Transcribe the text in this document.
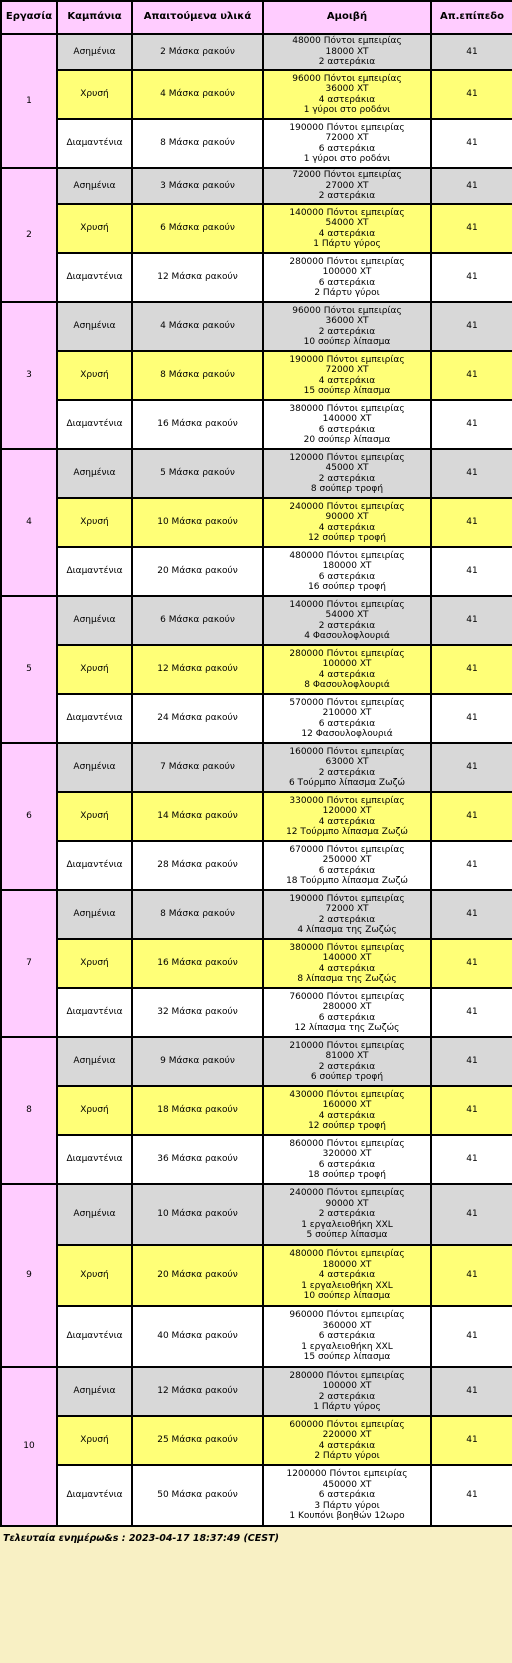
Εργασία	Καμπάνια	Απαιτούμενα υλικά	Αμοιβή	Απ.επίπεδο
1	Ασημένια	2 Μάσκα ρακούν	48000 Πόντοι εμπειρίας
18000 XT
2 αστεράκια	41
	Χρυσή	4 Μάσκα ρακούν	96000 Πόντοι εμπειρίας
36000 XT
4 αστεράκια
1 γύροι στο ροδάνι	41
	Διαμαντένια	8 Μάσκα ρακούν	190000 Πόντοι εμπειρίας
72000 XT
6 αστεράκια
1 γύροι στο ροδάνι	41
2	Ασημένια	3 Μάσκα ρακούν	72000 Πόντοι εμπειρίας
27000 XT
2 αστεράκια	41
	Χρυσή	6 Μάσκα ρακούν	140000 Πόντοι εμπειρίας
54000 XT
4 αστεράκια
1 Πάρτυ γύρος	41
	Διαμαντένια	12 Μάσκα ρακούν	280000 Πόντοι εμπειρίας
100000 XT
6 αστεράκια
2 Πάρτυ γύροι	41
3	Ασημένια	4 Μάσκα ρακούν	96000 Πόντοι εμπειρίας
36000 XT
2 αστεράκια
10 σούπερ λίπασμα	41
	Χρυσή	8 Μάσκα ρακούν	190000 Πόντοι εμπειρίας
72000 XT
4 αστεράκια
15 σούπερ λίπασμα	41
	Διαμαντένια	16 Μάσκα ρακούν	380000 Πόντοι εμπειρίας
140000 XT
6 αστεράκια
20 σούπερ λίπασμα	41
4	Ασημένια	5 Μάσκα ρακούν	120000 Πόντοι εμπειρίας
45000 XT
2 αστεράκια
8 σούπερ τροφή	41
	Χρυσή	10 Μάσκα ρακούν	240000 Πόντοι εμπειρίας
90000 XT
4 αστεράκια
12 σούπερ τροφή	41
	Διαμαντένια	20 Μάσκα ρακούν	480000 Πόντοι εμπειρίας
180000 XT
6 αστεράκια
16 σούπερ τροφή	41
5	Ασημένια	6 Μάσκα ρακούν	140000 Πόντοι εμπειρίας
54000 XT
2 αστεράκια
4 Φασουλοφλουριά	41
	Χρυσή	12 Μάσκα ρακούν	280000 Πόντοι εμπειρίας
100000 XT
4 αστεράκια
8 Φασουλοφλουριά	41
	Διαμαντένια	24 Μάσκα ρακούν	570000 Πόντοι εμπειρίας
210000 XT
6 αστεράκια
12 Φασουλοφλουριά	41
6	Ασημένια	7 Μάσκα ρακούν	160000 Πόντοι εμπειρίας
63000 XT
2 αστεράκια
6 Τούρμπο λίπασμα Ζωζώ	41
	Χρυσή	14 Μάσκα ρακούν	330000 Πόντοι εμπειρίας
120000 XT
4 αστεράκια
12 Τούρμπο λίπασμα Ζωζώ	41
	Διαμαντένια	28 Μάσκα ρακούν	670000 Πόντοι εμπειρίας
250000 XT
6 αστεράκια
18 Τούρμπο λίπασμα Ζωζώ	41
7	Ασημένια	8 Μάσκα ρακούν	190000 Πόντοι εμπειρίας
72000 XT
2 αστεράκια
4 λίπασμα της Ζωζώς	41
	Χρυσή	16 Μάσκα ρακούν	380000 Πόντοι εμπειρίας
140000 XT
4 αστεράκια
8 λίπασμα της Ζωζώς	41
	Διαμαντένια	32 Μάσκα ρακούν	760000 Πόντοι εμπειρίας
280000 XT
6 αστεράκια
12 λίπασμα της Ζωζώς	41
8	Ασημένια	9 Μάσκα ρακούν	210000 Πόντοι εμπειρίας
81000 XT
2 αστεράκια
6 σούπερ τροφή	41
	Χρυσή	18 Μάσκα ρακούν	430000 Πόντοι εμπειρίας
160000 XT
4 αστεράκια
12 σούπερ τροφή	41
	Διαμαντένια	36 Μάσκα ρακούν	860000 Πόντοι εμπειρίας
320000 XT
6 αστεράκια
18 σούπερ τροφή	41
9	Ασημένια	10 Μάσκα ρακούν	240000 Πόντοι εμπειρίας
90000 XT
2 αστεράκια
1 εργαλειοθήκη XXL
5 σούπερ λίπασμα	41
	Χρυσή	20 Μάσκα ρακούν	480000 Πόντοι εμπειρίας
180000 XT
4 αστεράκια
1 εργαλειοθήκη XXL
10 σούπερ λίπασμα	41
	Διαμαντένια	40 Μάσκα ρακούν	960000 Πόντοι εμπειρίας
360000 XT
6 αστεράκια
1 εργαλειοθήκη XXL
15 σούπερ λίπασμα	41
10	Ασημένια	12 Μάσκα ρακούν	280000 Πόντοι εμπειρίας
100000 XT
2 αστεράκια
1 Πάρτυ γύρος	41
	Χρυσή	25 Μάσκα ρακούν	600000 Πόντοι εμπειρίας
220000 XT
4 αστεράκια
2 Πάρτυ γύροι	41
	Διαμαντένια	50 Μάσκα ρακούν	1200000 Πόντοι εμπειρίας
450000 XT
6 αστεράκια
3 Πάρτυ γύροι
1 Κουπόνι βοηθών 12ωρο	41
Τελευταία ενημέρω&s : 2023-04-17 18:37:49 (CEST)
